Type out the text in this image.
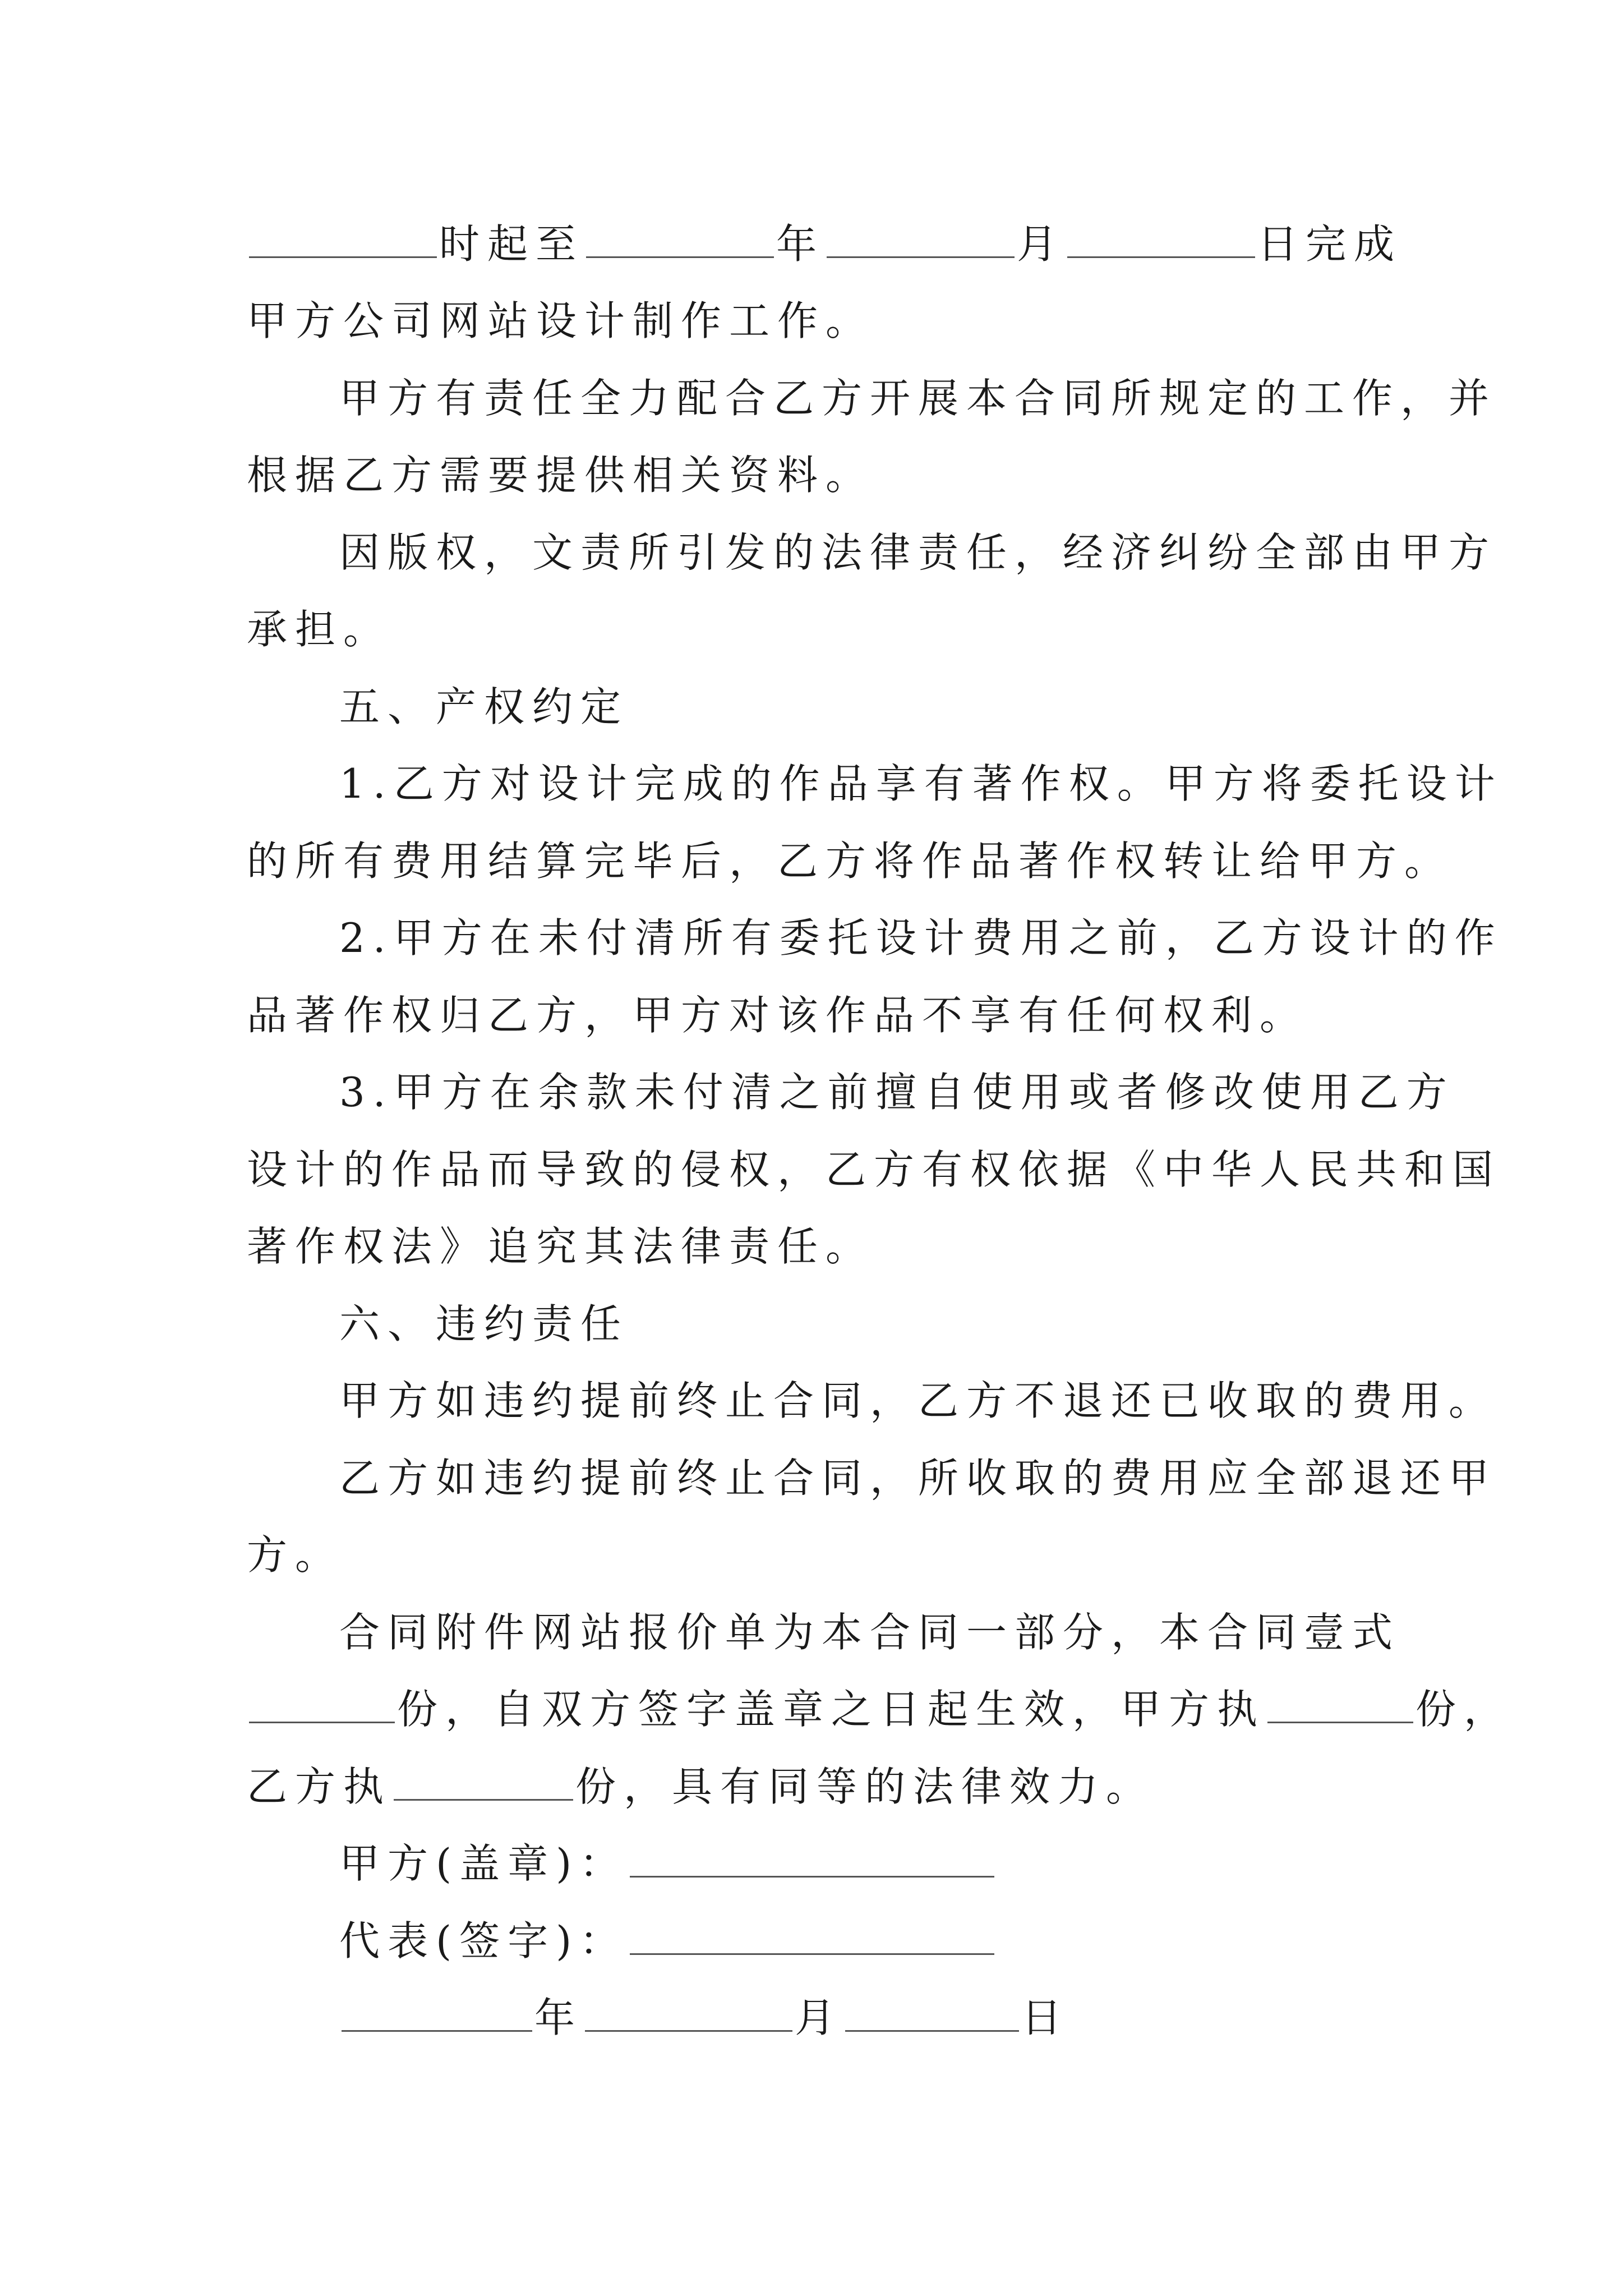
时起至	年	月	日完成
甲方公司网站设计制作工作。
甲方有责任全力配合乙方开展本合同所规定的工作，并
根据乙方需要提供相关资料。
因版权，文责所引发的法律责任，经济纠纷全部由甲方
承担。
五、产权约定
1.乙方对设计完成的作品享有著作权。甲方将委托设计
的所有费用结算完毕后，乙方将作品著作权转让给甲方。
2.甲方在未付清所有委托设计费用之前，乙方设计的作
品著作权归乙方，甲方对该作品不享有任何权利。
3.甲方在余款未付清之前擅自使用或者修改使用乙方
设计的作品而导致的侵权，乙方有权依据《中华人民共和国
著作权法》追究其法律责任。
六、违约责任
甲方如违约提前终止合同，乙方不退还已收取的费用。
乙方如违约提前终止合同，所收取的费用应全部退还甲
方。
合同附件网站报价单为本合同一部分，本合同壹式
份，自双方签字盖章之日起生效，甲方执	份，
乙方执	份，具有同等的法律效力。
甲方(盖章)：
代表(签字)：
年	月	日
